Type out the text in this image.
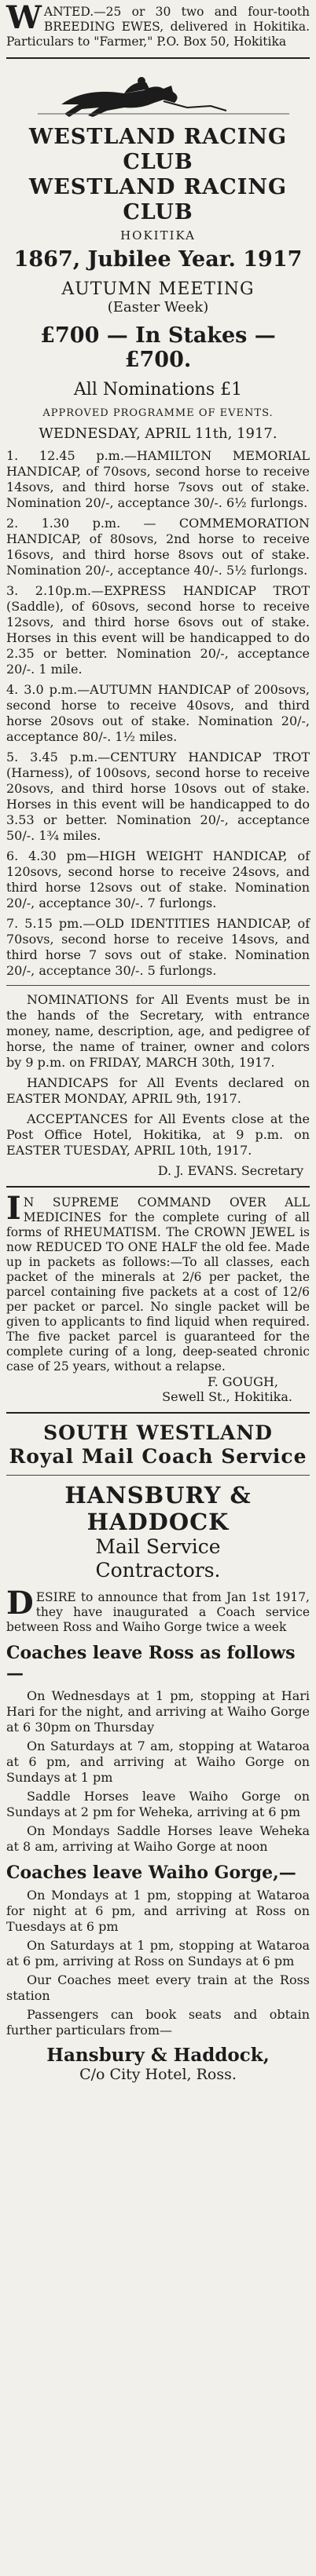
WANTED.—25 or 30 two and four-tooth BREEDING EWES, delivered in Hokitika. Particulars to "Farmer," P.O. Box 50, Hokitika

WESTLAND RACING CLUB
WESTLAND RACING CLUB
HOKITIKA
1867, Jubilee Year. 1917
AUTUMN MEETING
(Easter Week)
£700 — In Stakes — £700.
All Nominations £1
APPROVED PROGRAMME OF EVENTS.
WEDNESDAY, APRIL 11th, 1917.

1. 12.45 p.m.—HAMILTON MEMORIAL HANDICAP, of 70sovs, second horse to receive 14sovs, and third horse 7sovs out of stake. Nomination 20/-, acceptance 30/-. 6½ furlongs.

2. 1.30 p.m. — COMMEMORATION HANDICAP, of 80sovs, 2nd horse to receive 16sovs, and third horse 8sovs out of stake. Nomination 20/-, acceptance 40/-. 5½ furlongs.

3. 2.10p.m.—EXPRESS HANDICAP TROT (Saddle), of 60sovs, second horse to receive 12sovs, and third horse 6sovs out of stake. Horses in this event will be handicapped to do 2.35 or better. Nomination 20/-, acceptance 20/-. 1 mile.

4. 3.0 p.m.—AUTUMN HANDICAP of 200sovs, second horse to receive 40sovs, and third horse 20sovs out of stake. Nomination 20/-, acceptance 80/-. 1½ miles.

5. 3.45 p.m.—CENTURY HANDICAP TROT (Harness), of 100sovs, second horse to receive 20sovs, and third horse 10sovs out of stake. Horses in this event will be handicapped to do 3.53 or better. Nomination 20/-, acceptance 50/-. 1¾ miles.

6. 4.30 pm—HIGH WEIGHT HANDICAP, of 120sovs, second horse to receive 24sovs, and third horse 12sovs out of stake. Nomination 20/-, acceptance 30/-. 7 furlongs.

7. 5.15 pm.—OLD IDENTITIES HANDICAP, of 70sovs, second horse to receive 14sovs, and third horse 7 sovs out of stake. Nomination 20/-, acceptance 30/-. 5 furlongs.

NOMINATIONS for All Events must be in the hands of the Secretary, with entrance money, name, description, age, and pedigree of horse, the name of trainer, owner and colors by 9 p.m. on FRIDAY, MARCH 30th, 1917.

HANDICAPS for All Events declared on EASTER MONDAY, APRIL 9th, 1917.

ACCEPTANCES for All Events close at the Post Office Hotel, Hokitika, at 9 p.m. on EASTER TUESDAY, APRIL 10th, 1917.

D. J. EVANS. Secretary

I N SUPREME COMMAND OVER ALL MEDICINES for the complete curing of all forms of RHEUMATISM. The CROWN JEWEL is now REDUCED TO ONE HALF the old fee. Made up in packets as follows:—To all classes, each packet of the minerals at 2/6 per packet, the parcel containing five packets at a cost of 12/6 per packet or parcel. No single packet will be given to applicants to find liquid when required. The five packet parcel is guaranteed for the complete curing of a long, deep-seated chronic case of 25 years, without a relapse.

F. GOUGH,
Sewell St., Hokitika.
SOUTH WESTLAND
Royal Mail Coach Service
HANSBURY & HADDOCK
Mail Service
Contractors.

DESIRE to announce that from Jan 1st 1917, they have inaugurated a Coach service between Ross and Waiho Gorge twice a week

Coaches leave Ross as follows—

On Wednesdays at 1 pm, stopping at Hari Hari for the night, and arriving at Waiho Gorge at 6 30pm on Thursday

On Saturdays at 7 am, stopping at Wataroa at 6 pm, and arriving at Waiho Gorge on Sundays at 1 pm

Saddle Horses leave Waiho Gorge on Sundays at 2 pm for Weheka, arriving at 6 pm

On Mondays Saddle Horses leave Weheka at 8 am, arriving at Waiho Gorge at noon

Coaches leave Waiho Gorge,—

On Mondays at 1 pm, stopping at Wataroa for night at 6 pm, and arriving at Ross on Tuesdays at 6 pm

On Saturdays at 1 pm, stopping at Wataroa at 6 pm, arriving at Ross on Sundays at 6 pm

Our Coaches meet every train at the Ross station

Passengers can book seats and obtain further particulars from—

Hansbury & Haddock,
C/o City Hotel, Ross.
